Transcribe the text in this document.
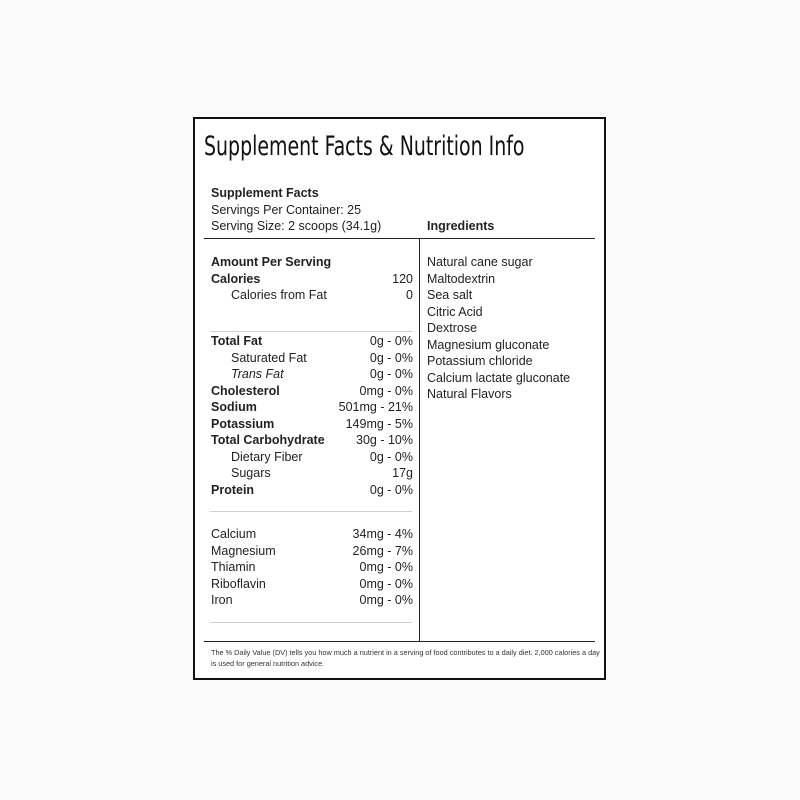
Supplement Facts & Nutrition Info
Supplement Facts
Servings Per Container: 25
Serving Size: 2 scoops (34.1g)	Ingredients
Amount Per Serving
Calories	120
Calories from Fat	0
Total Fat	0g - 0%
Saturated Fat	0g - 0%
Trans Fat	0g - 0%
Cholesterol	0mg - 0%
Sodium	501mg - 21%
Potassium	149mg - 5%
Total Carbohydrate	30g - 10%
Dietary Fiber	0g - 0%
Sugars	17g
Protein	0g - 0%
Calcium	34mg - 4%
Magnesium	26mg - 7%
Thiamin	0mg - 0%
Riboflavin	0mg - 0%
Iron	0mg - 0%
Natural cane sugar
Maltodextrin
Sea salt
Citric Acid
Dextrose
Magnesium gluconate
Potassium chloride
Calcium lactate gluconate
Natural Flavors
The % Daily Value (DV) tells you how much a nutrient in a serving of food contributes to a daily diet. 2,000 calories a day is used for general nutrition advice.
